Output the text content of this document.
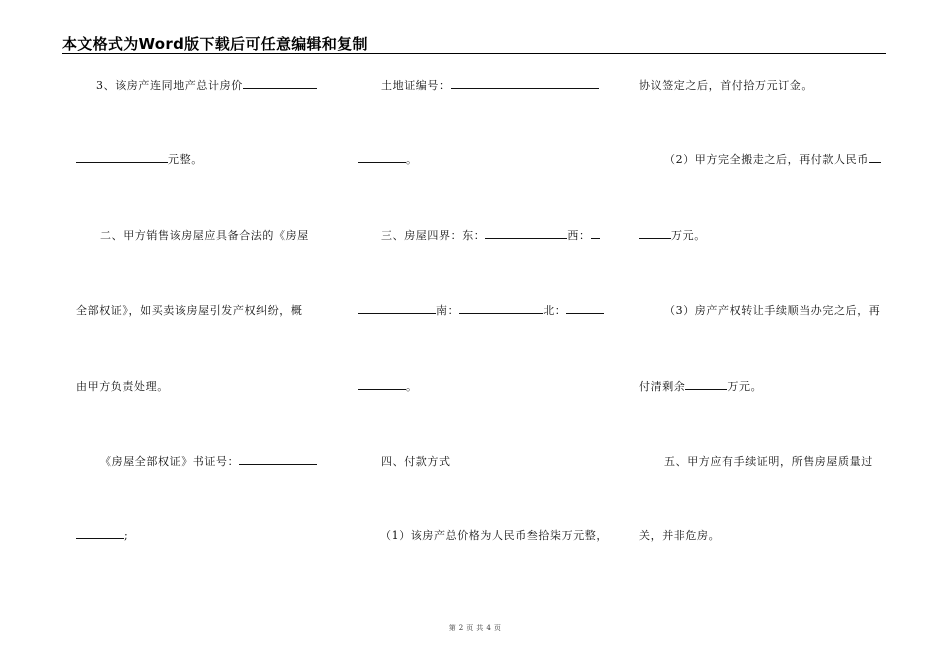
本文格式为Word版下载后可任意编辑和复制
3、该房产连同地产总计房价
元整。
二、甲方销售该房屋应具备合法的《房屋
全部权证》，如买卖该房屋引发产权纠纷，概
由甲方负责处理。
《房屋全部权证》书证号：
;
土地证编号：
。
三、房屋四界：东：	西：
南：	北：
。
四、付款方式
（1）该房产总价格为人民币叁拾柒万元整，
协议签定之后，首付拾万元订金。
（2）甲方完全搬走之后，再付款人民币
万元。
（3）房产产权转让手续顺当办完之后，再
付清剩余	万元。
五、甲方应有手续证明，所售房屋质量过
关，并非危房。
第 2 页 共 4 页
